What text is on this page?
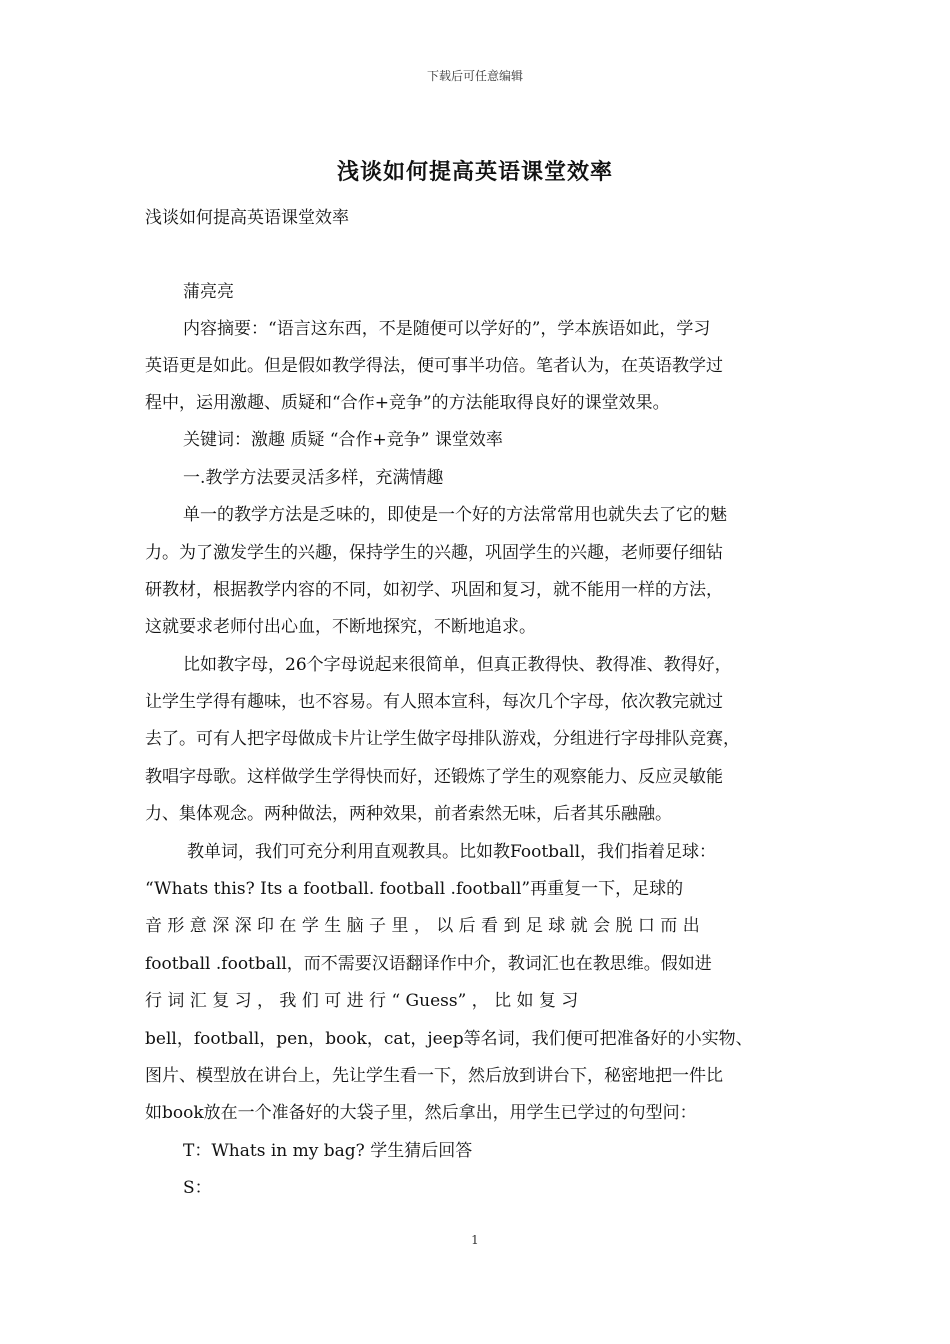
下载后可任意编辑
浅谈如何提高英语课堂效率
浅谈如何提高英语课堂效率
蒲亮亮
内容摘要：“语言这东西，不是随便可以学好的”，学本族语如此，学习
英语更是如此。但是假如教学得法，便可事半功倍。笔者认为，在英语教学过
程中，运用激趣、质疑和“合作+竞争”的方法能取得良好的课堂效果。
关键词：激趣 质疑 “合作+竞争” 课堂效率
一.教学方法要灵活多样，充满情趣
单一的教学方法是乏味的，即使是一个好的方法常常用也就失去了它的魅
力。为了激发学生的兴趣，保持学生的兴趣，巩固学生的兴趣，老师要仔细钻
研教材，根据教学内容的不同，如初学、巩固和复习，就不能用一样的方法，
这就要求老师付出心血，不断地探究，不断地追求。
比如教字母，26个字母说起来很简单，但真正教得快、教得准、教得好，
让学生学得有趣味，也不容易。有人照本宣科，每次几个字母，依次教完就过
去了。可有人把字母做成卡片让学生做字母排队游戏，分组进行字母排队竞赛，
教唱字母歌。这样做学生学得快而好，还锻炼了学生的观察能力、反应灵敏能
力、集体观念。两种做法，两种效果，前者索然无味，后者其乐融融。
教单词，我们可充分利用直观教具。比如教Football，我们指着足球：
“Whats this? Its a football. football .football”再重复一下，足球的
音 形 意 深 深 印 在 学 生 脑 子 里 ， 以 后 看 到 足 球 就 会 脱 口 而 出
football .football，而不需要汉语翻译作中介，教词汇也在教思维。假如进
行 词 汇 复 习 ， 我 们 可 进 行 “ Guess” ， 比 如 复 习
bell，football，pen，book，cat，jeep等名词，我们便可把准备好的小实物、
图片、模型放在讲台上，先让学生看一下，然后放到讲台下，秘密地把一件比
如book放在一个准备好的大袋子里，然后拿出，用学生已学过的句型问：
T：Whats in my bag? 学生猜后回答
S：
1
